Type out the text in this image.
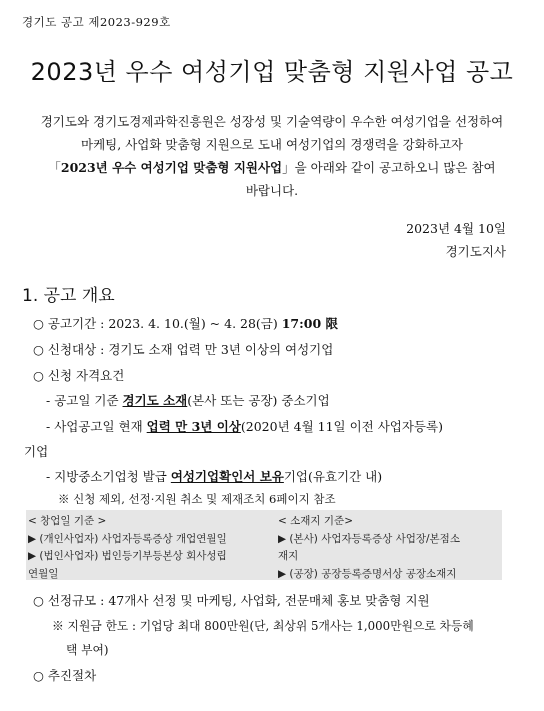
경기도 공고 제2023-929호
2023년 우수 여성기업 맞춤형 지원사업 공고

경기도와 경기도경제과학진흥원은 성장성 및 기술역량이 우수한 여성기업을 선정하여

마케팅, 사업화 맞춤형 지원으로 도내 여성기업의 경쟁력을 강화하고자

「2023년 우수 여성기업 맞춤형 지원사업」을 아래와 같이 공고하오니 많은 참여

바랍니다.

2023년 4월 10일
경기도지사
1. 공고 개요
○ 공고기간 : 2023. 4. 10.(월) ~ 4. 28(금) 17:00 限
○ 신청대상 : 경기도 소재 업력 만 3년 이상의 여성기업
○ 신청 자격요건
- 공고일 기준 경기도 소재(본사 또는 공장) 중소기업
- 사업공고일 현재 업력 만 3년 이상(2020년 4월 11일 이전 사업자등록)
기업
- 지방중소기업청 발급 여성기업확인서 보유기업(유효기간 내)
※ 신청 제외, 선정·지원 취소 및 제재조치 6페이지 참조
< 창업일 기준 >
▶ (개인사업자) 사업자등록증상 개업연월일
▶ (법인사업자) 법인등기부등본상 회사성립
연월일
< 소재지 기준>
▶ (본사) 사업자등록증상 사업장/본점소
재지
▶ (공장) 공장등록증명서상 공장소재지
○ 선정규모 : 47개사 선정 및 마케팅, 사업화, 전문매체 홍보 맞춤형 지원
※ 지원금 한도 : 기업당 최대 800만원(단, 최상위 5개사는 1,000만원으로 차등혜
택 부여)
○ 추진절차
